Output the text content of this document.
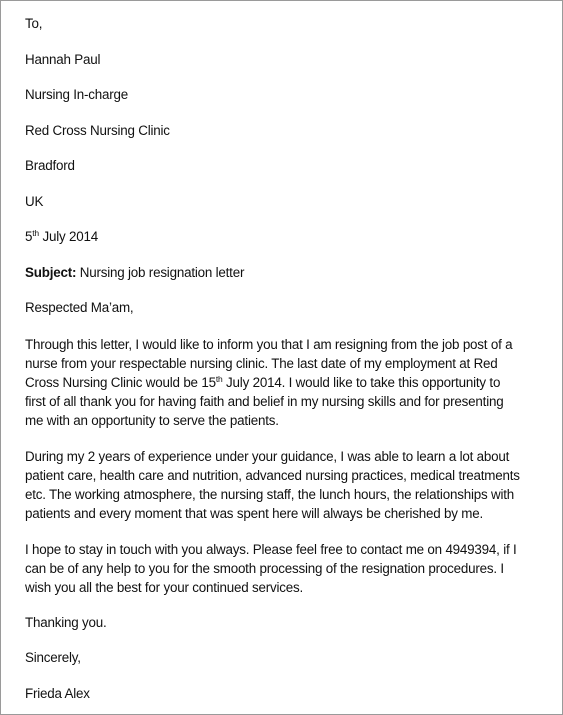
To,

Hannah Paul

Nursing In-charge

Red Cross Nursing Clinic

Bradford

UK

5th July 2014

Subject: Nursing job resignation letter

Respected Ma’am,

Through this letter, I would like to inform you that I am resigning from the job post of a
nurse from your respectable nursing clinic. The last date of my employment at Red
Cross Nursing Clinic would be 15th July 2014. I would like to take this opportunity to
first of all thank you for having faith and belief in my nursing skills and for presenting
me with an opportunity to serve the patients.
During my 2 years of experience under your guidance, I was able to learn a lot about
patient care, health care and nutrition, advanced nursing practices, medical treatments
etc. The working atmosphere, the nursing staff, the lunch hours, the relationships with
patients and every moment that was spent here will always be cherished by me.
I hope to stay in touch with you always. Please feel free to contact me on 4949394, if I
can be of any help to you for the smooth processing of the resignation procedures. I
wish you all the best for your continued services.

Thanking you.

Sincerely,

Frieda Alex
